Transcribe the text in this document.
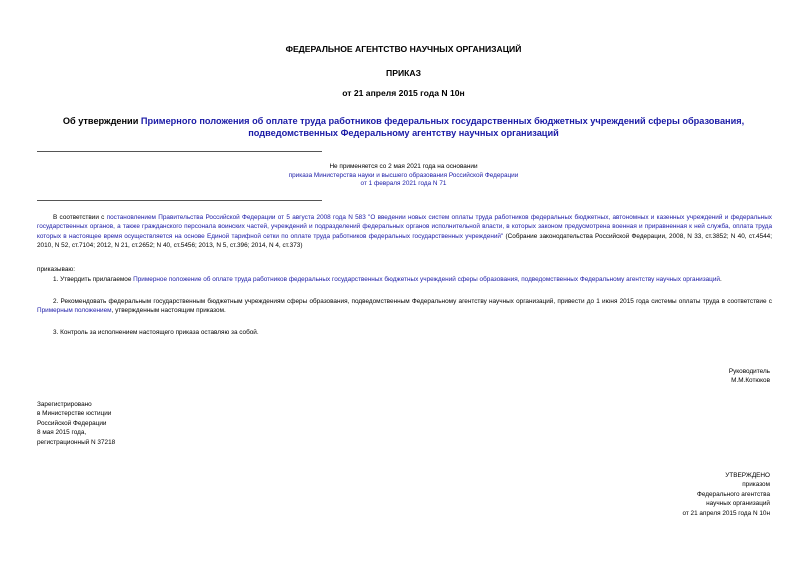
ФЕДЕРАЛЬНОЕ АГЕНТСТВО НАУЧНЫХ ОРГАНИЗАЦИЙ
ПРИКАЗ
от 21 апреля 2015 года N 10н
Об утверждении Примерного положения об оплате труда работников федеральных государственных бюджетных учреждений сферы образования,
подведомственных Федеральному агентству научных организаций
Не применяется со 2 мая 2021 года на основании
приказа Министерства науки и высшего образования Российской Федерации
от 1 февраля 2021 года N 71
В соответствии с постановлением Правительства Российской Федерации от 5 августа 2008 года N 583 "О введении новых систем оплаты труда работников федеральных бюджетных, автономных и казенных учреждений и федеральных государственных органов, а также гражданского персонала воинских частей, учреждений и подразделений федеральных органов исполнительной власти, в которых законом предусмотрена военная и приравненная к ней служба, оплата труда которых в настоящее время осуществляется на основе Единой тарифной сетки по оплате труда работников федеральных государственных учреждений" (Собрание законодательства Российской Федерации, 2008, N 33, ст.3852; N 40, ст.4544; 2010, N 52, ст.7104; 2012, N 21, ст.2652; N 40, ст.5456; 2013, N 5, ст.396; 2014, N 4, ст.373)
приказываю:
1. Утвердить прилагаемое Примерное положение об оплате труда работников федеральных государственных бюджетных учреждений сферы образования, подведомственных Федеральному агентству научных организаций.
2. Рекомендовать федеральным государственным бюджетным учреждениям сферы образования, подведомственным Федеральному агентству научных организаций, привести до 1 июня 2015 года системы оплаты труда в соответствие с Примерным положением, утвержденным настоящим приказом.
3. Контроль за исполнением настоящего приказа оставляю за собой.
Руководитель
М.М.Котюков
Зарегистрировано
в Министерстве юстиции
Российской Федерации
8 мая 2015 года,
регистрационный N 37218
УТВЕРЖДЕНО
приказом
Федерального агентства
научных организаций
от 21 апреля 2015 года N 10н
